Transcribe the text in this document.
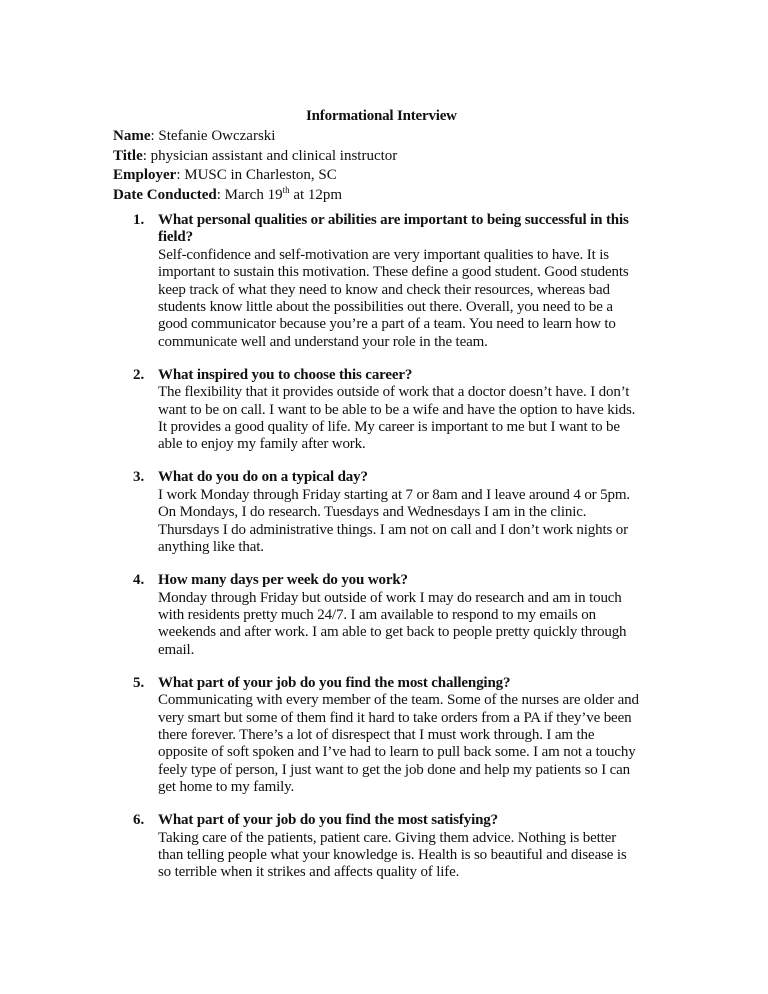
Informational Interview
Name: Stefanie Owczarski
Title: physician assistant and clinical instructor
Employer: MUSC in Charleston, SC
Date Conducted: March 19th at 12pm
1. What personal qualities or abilities are important to being successful in this
field?
Self-confidence and self-motivation are very important qualities to have. It is
important to sustain this motivation. These define a good student. Good students
keep track of what they need to know and check their resources, whereas bad
students know little about the possibilities out there. Overall, you need to be a
good communicator because you’re a part of a team. You need to learn how to
communicate well and understand your role in the team.
2. What inspired you to choose this career?
The flexibility that it provides outside of work that a doctor doesn’t have. I don’t
want to be on call. I want to be able to be a wife and have the option to have kids.
It provides a good quality of life. My career is important to me but I want to be
able to enjoy my family after work.
3. What do you do on a typical day?
I work Monday through Friday starting at 7 or 8am and I leave around 4 or 5pm.
On Mondays, I do research. Tuesdays and Wednesdays I am in the clinic.
Thursdays I do administrative things. I am not on call and I don’t work nights or
anything like that.
4. How many days per week do you work?
Monday through Friday but outside of work I may do research and am in touch
with residents pretty much 24/7. I am available to respond to my emails on
weekends and after work. I am able to get back to people pretty quickly through
email.
5. What part of your job do you find the most challenging?
Communicating with every member of the team. Some of the nurses are older and
very smart but some of them find it hard to take orders from a PA if they’ve been
there forever. There’s a lot of disrespect that I must work through. I am the
opposite of soft spoken and I’ve had to learn to pull back some. I am not a touchy
feely type of person, I just want to get the job done and help my patients so I can
get home to my family.
6. What part of your job do you find the most satisfying?
Taking care of the patients, patient care. Giving them advice. Nothing is better
than telling people what your knowledge is. Health is so beautiful and disease is
so terrible when it strikes and affects quality of life.
